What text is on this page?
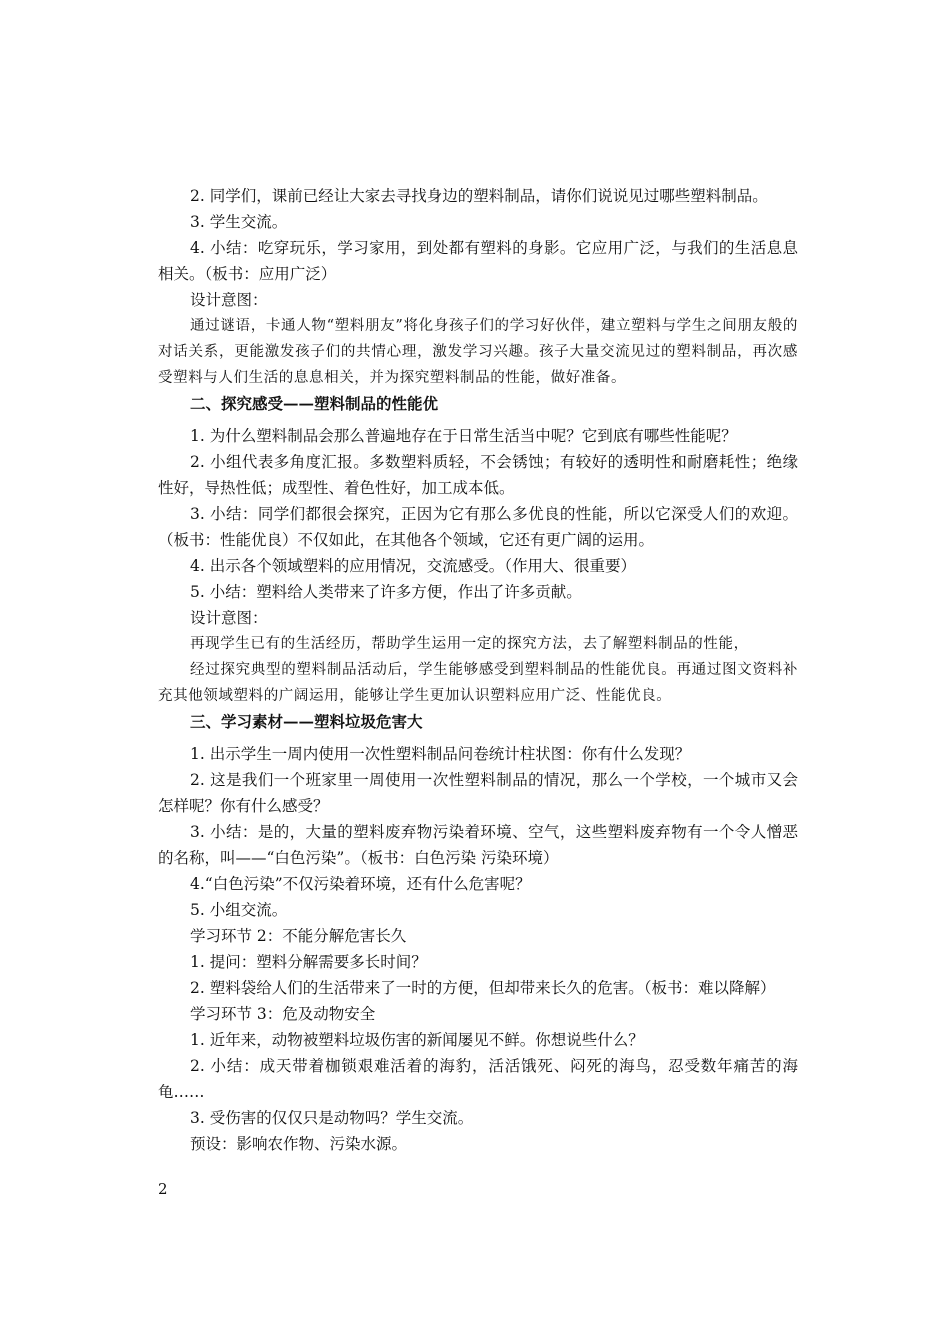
2. 同学们，课前已经让大家去寻找身边的塑料制品，请你们说说见过哪些塑料制品。
3. 学生交流。
4. 小结：吃穿玩乐，学习家用，到处都有塑料的身影。它应用广泛，与我们的生活息息相关。（板书：应用广泛）
设计意图：
通过谜语，卡通人物“塑料朋友”将化身孩子们的学习好伙伴，建立塑料与学生之间朋友般的对话关系，更能激发孩子们的共情心理，激发学习兴趣。孩子大量交流见过的塑料制品，再次感受塑料与人们生活的息息相关，并为探究塑料制品的性能，做好准备。
二、探究感受——塑料制品的性能优
1. 为什么塑料制品会那么普遍地存在于日常生活当中呢？它到底有哪些性能呢？
2. 小组代表多角度汇报。多数塑料质轻，不会锈蚀；有较好的透明性和耐磨耗性；绝缘性好，导热性低；成型性、着色性好，加工成本低。
3. 小结：同学们都很会探究，正因为它有那么多优良的性能，所以它深受人们的欢迎。（板书：性能优良）不仅如此，在其他各个领域，它还有更广阔的运用。
4. 出示各个领域塑料的应用情况，交流感受。（作用大、很重要）
5. 小结：塑料给人类带来了许多方便，作出了许多贡献。
设计意图：
再现学生已有的生活经历，帮助学生运用一定的探究方法，去了解塑料制品的性能，
经过探究典型的塑料制品活动后，学生能够感受到塑料制品的性能优良。再通过图文资料补充其他领域塑料的广阔运用，能够让学生更加认识塑料应用广泛、性能优良。
三、学习素材——塑料垃圾危害大
1. 出示学生一周内使用一次性塑料制品问卷统计柱状图：你有什么发现？
2. 这是我们一个班家里一周使用一次性塑料制品的情况，那么一个学校，一个城市又会怎样呢？你有什么感受？
3. 小结：是的，大量的塑料废弃物污染着环境、空气，这些塑料废弃物有一个令人憎恶的名称，叫——“白色污染”。（板书：白色污染 污染环境）
4.“白色污染”不仅污染着环境，还有什么危害呢？
5. 小组交流。
学习环节 2：不能分解危害长久
1. 提问：塑料分解需要多长时间？
2. 塑料袋给人们的生活带来了一时的方便，但却带来长久的危害。（板书：难以降解）
学习环节 3：危及动物安全
1. 近年来，动物被塑料垃圾伤害的新闻屡见不鲜。你想说些什么？
2. 小结：成天带着枷锁艰难活着的海豹，活活饿死、闷死的海鸟，忍受数年痛苦的海龟……
3. 受伤害的仅仅只是动物吗？学生交流。
预设：影响农作物、污染水源。
2
